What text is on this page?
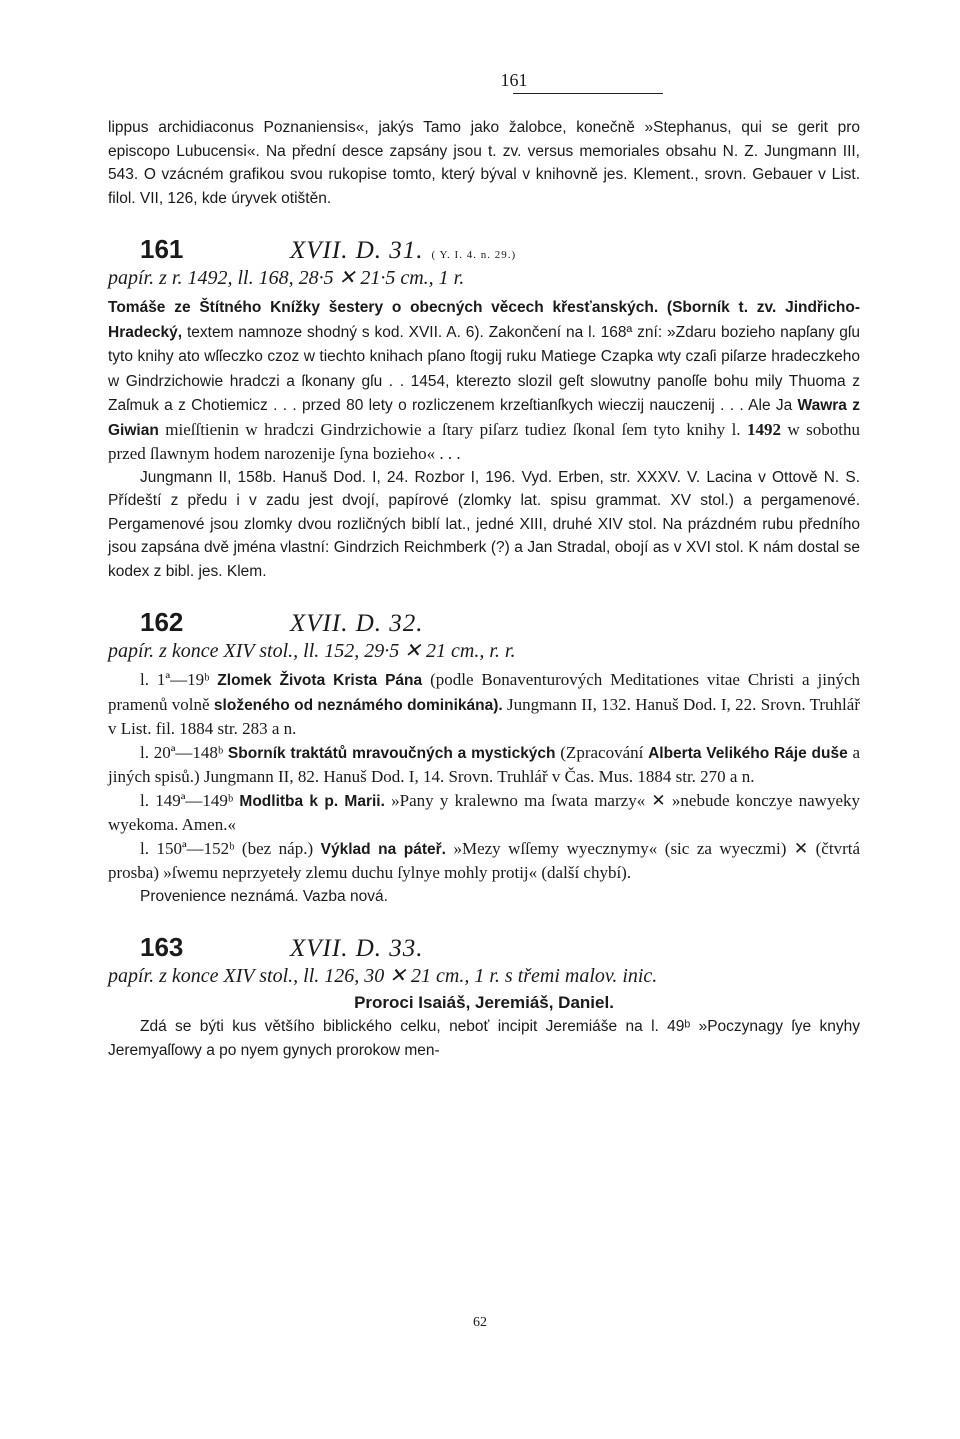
161

lippus archidiaconus Poznaniensis«, jakýs Tamo jako žalobce, konečně »Stephanus, qui se gerit pro episcopo Lubucensi«. Na přední desce zapsány jsou t. zv. versus memoriales obsahu N. Z. Jungmann III, 543. O vzácném grafikou svou rukopise tomto, který býval v knihovně jes. Klement., srovn. Gebauer v List. filol. VII, 126, kde úryvek otištěn.

161	XVII. D. 31. ( Y. I. 4. n. 29.)
papír. z r. 1492, ll. 168, 28·5 ✕ 21·5 cm., 1 r.

Tomáše ze Štítného Knížky šestery o obecných věcech křesťanských. (Sborník t. zv. Jindřicho-Hradecký, textem namnoze shodný s kod. XVII. A. 6). Zakončení na l. 168ª zní: »Zdaru bozieho napſany gſu tyto knihy ato wſſeczko czoz w tiechto knihach pſano ſtogij ruku Matiege Czapka wty czaſi piſarze hradeczkeho w Gindrzichowie hradczi a ſkonany gſu . . 1454, kterezto slozil geſt slowutny panoſſe bohu mily Thuoma z Zaſmuk a z Chotiemicz . . . przed 80 lety o rozliczenem krzeſtianſkych wieczij nauczenij . . . Ale Ja Wawra z Giwian mieſſtienin w hradczi Gindrzichowie a ſtary piſarz tudiez ſkonal ſem tyto knihy l. 1492 w sobothu przed ſlawnym hodem narozenije ſyna bozieho« . . .

Jungmann II, 158b. Hanuš Dod. I, 24. Rozbor I, 196. Vyd. Erben, str. XXXV. V. Lacina v Ottově N. S. Přídeští z předu i v zadu jest dvojí, papírové (zlomky lat. spisu grammat. XV stol.) a pergamenové. Pergamenové jsou zlomky dvou rozličných biblí lat., jedné XIII, druhé XIV stol. Na prázdném rubu předního jsou zapsána dvě jména vlastní: Gindrzich Reichmberk (?) a Jan Stradal, obojí as v XVI stol. K nám dostal se kodex z bibl. jes. Klem.

162	XVII. D. 32.
papír. z konce XIV stol., ll. 152, 29·5 ✕ 21 cm., r. r.

l. 1ª—19ᵇ Zlomek Života Krista Pána (podle Bonaventurových Meditationes vitae Christi a jiných pramenů volně složeného od neznámého dominikána). Jungmann II, 132. Hanuš Dod. I, 22. Srovn. Truhlář v List. fil. 1884 str. 283 a n.

l. 20ª—148ᵇ Sborník traktátů mravoučných a mystických (Zpracování Alberta Velikého Ráje duše a jiných spisů.) Jungmann II, 82. Hanuš Dod. I, 14. Srovn. Truhlář v Čas. Mus. 1884 str. 270 a n.

l. 149ª—149ᵇ Modlitba k p. Marii. »Pany y kralewno ma ſwata marzy« ✕ »nebude konczye nawyeky wyekoma. Amen.«

l. 150ª—152ᵇ (bez náp.) Výklad na páteř. »Mezy wſſemy wyecznymy« (sic za wyeczmi) ✕ (čtvrtá prosba) »ſwemu neprzyeteły zlemu duchu ſylnye mohly protij« (další chybí).

Provenience neznámá. Vazba nová.

163	XVII. D. 33.
papír. z konce XIV stol., ll. 126, 30 ✕ 21 cm., 1 r. s třemi malov. inic.
Proroci Isaiáš, Jeremiáš, Daniel.

Zdá se býti kus většího biblického celku, neboť incipit Jeremiáše na l. 49ᵇ »Poczynagy ſye knyhy Jeremyaſſowy a po nyem gynych prorokow men-

62
